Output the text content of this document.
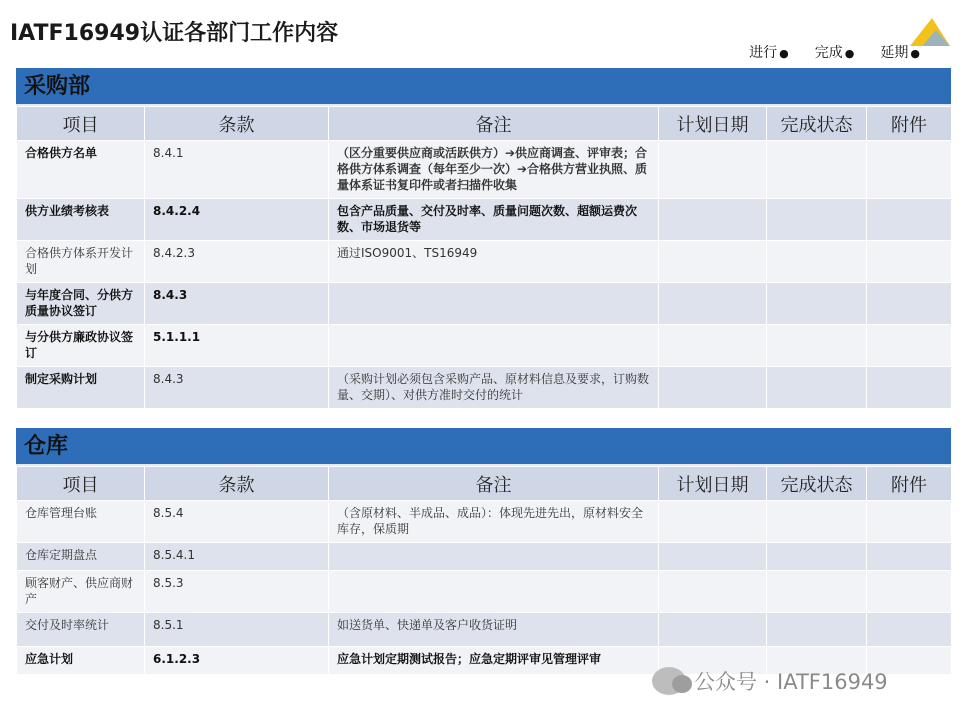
IATF16949认证各部门工作内容
进行 ● 完成 ● 延期 ●
采购部
项目	条款	备注	计划日期	完成状态	附件
合格供方名单	8.4.1	（区分重要供应商或活跃供方）➔供应商调查、评审表；合格供方体系调查（每年至少一次）➔合格供方营业执照、质量体系证书复印件或者扫描件收集			
供方业绩考核表	8.4.2.4	包含产品质量、交付及时率、质量问题次数、超额运费次数、市场退货等			
合格供方体系开发计划	8.4.2.3	通过ISO9001、TS16949			
与年度合同、分供方质量协议签订	8.4.3				
与分供方廉政协议签订	5.1.1.1				
制定采购计划	8.4.3	（采购计划必须包含采购产品、原材料信息及要求，订购数量、交期）、对供方准时交付的统计			
仓库
项目	条款	备注	计划日期	完成状态	附件
仓库管理台账	8.5.4	（含原材料、半成品、成品）：体现先进先出，原材料安全库存，保质期			
仓库定期盘点	8.5.4.1				
顾客财产、供应商财产	8.5.3				
交付及时率统计	8.5.1	如送货单、快递单及客户收货证明			
应急计划	6.1.2.3	应急计划定期测试报告；应急定期评审见管理评审			
公众号 · IATF16949
